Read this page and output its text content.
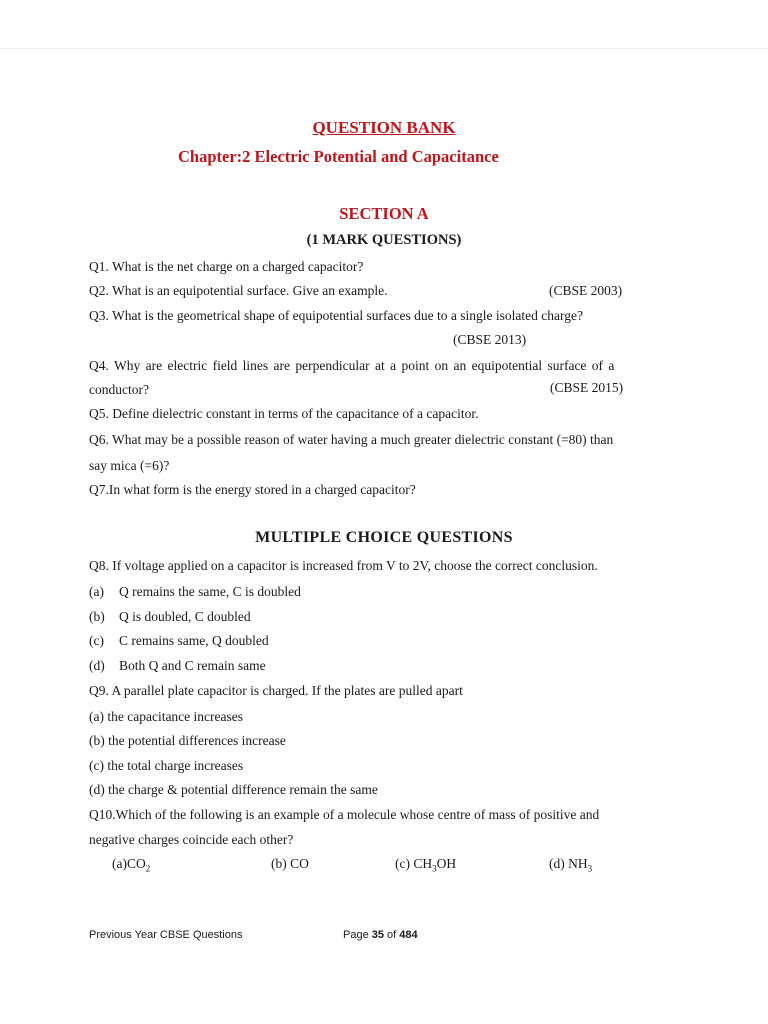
QUESTION BANK
Chapter:2 Electric Potential and Capacitance
SECTION A
(1 MARK QUESTIONS)
Q1. What is the net charge on a charged capacitor?
Q2. What is an equipotential surface. Give an example.	(CBSE 2003)
Q3. What is the geometrical shape of equipotential surfaces due to a single isolated charge?
(CBSE 2013)
Q4. Why are electric field lines are perpendicular at a point on an equipotential surface of a
conductor?	(CBSE 2015)
Q5. Define dielectric constant in terms of the capacitance of a capacitor.
Q6. What may be a possible reason of water having a much greater dielectric constant (=80) than
say mica (=6)?
Q7.In what form is the energy stored in a charged capacitor?
MULTIPLE CHOICE QUESTIONS
Q8. If voltage applied on a capacitor is increased from V to 2V, choose the correct conclusion.
(a) Q remains the same, C is doubled
(b) Q is doubled, C doubled
(c) C remains same, Q doubled
(d) Both Q and C remain same
Q9. A parallel plate capacitor is charged. If the plates are pulled apart
(a) the capacitance increases
(b) the potential differences increase
(c) the total charge increases
(d) the charge & potential difference remain the same
Q10.Which of the following is an example of a molecule whose centre of mass of positive and
negative charges coincide each other?
$(a)CO_2$	(b) CO	(c) $CH_3OH$	(d) $NH_3$
Previous Year CBSE Questions	Page 35 of 484
